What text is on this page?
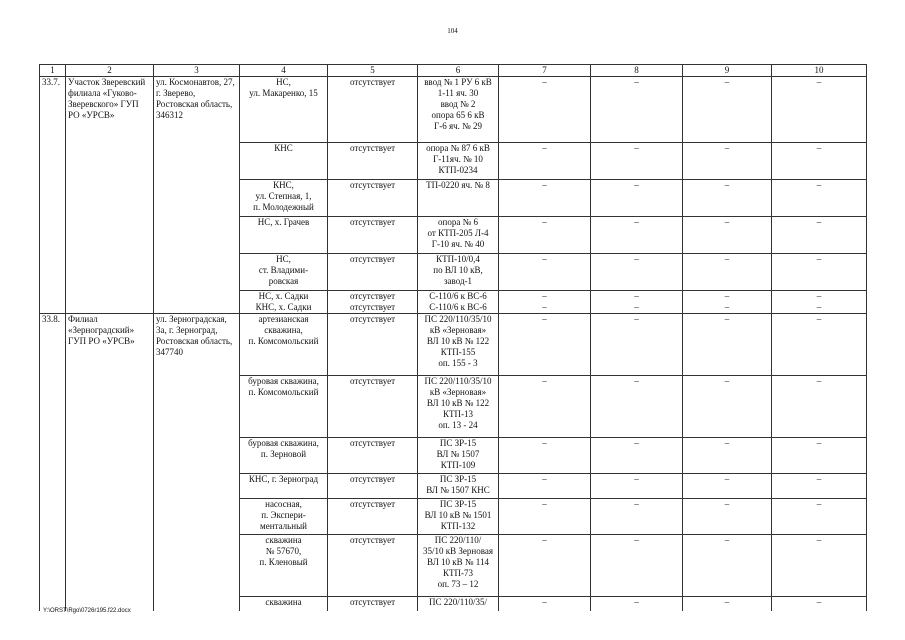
104
1	2	3	4	5	6	7	8	9	10
33.7.	Участок Зверевский филиала «Гуково-Зверевского» ГУП РО «УРСВ»	ул. Космонавтов, 27, г. Зверево, Ростовская область, 346312	НС,
ул. Макаренко, 15	отсутствует	ввод № 1 РУ 6 кВ
1-11 яч. 30
ввод № 2
опора 65 6 кВ
Г-6 яч. № 29	–	–	–	–
			КНС	отсутствует	опора № 87 6 кВ
Г-11яч. № 10
КТП-0234	–	–	–	–
			КНС,
ул. Степная, 1,
п. Молодежный	отсутствует	ТП-0220 яч. № 8	–	–	–	–
			НС, х. Грачев	отсутствует	опора № 6
от КТП-205 Л-4
Г-10 яч. № 40	–	–	–	–
			НС,
ст. Владими-
ровская	отсутствует	КТП-10/0,4
по ВЛ 10 кВ,
завод-1	–	–	–	–
			НС, х. Садки	отсутствует	С-110/6 к ВС-6	–	–	–	–
			КНС, х. Садки	отсутствует	С-110/6 к ВС-6	–	–	–	–
33.8.	Филиал «Зерноградский» ГУП РО «УРСВ»	ул. Зерноградская, 3а, г. Зерноград, Ростовская область, 347740	артезианская
скважина,
п. Комсомольский	отсутствует	ПС 220/110/35/10
кВ «Зерновая»
ВЛ 10 кВ № 122
КТП-155
оп. 155 - 3	–	–	–	–
			буровая скважина,
п. Комсомольский	отсутствует	ПС 220/110/35/10
кВ «Зерновая»
ВЛ 10 кВ № 122
КТП-13
оп. 13 - 24	–	–	–	–
			буровая скважина,
п. Зерновой	отсутствует	ПС ЗР-15
ВЛ № 1507
КТП-109	–	–	–	–
			КНС, г. Зерноград	отсутствует	ПС ЗР-15
ВЛ № 1507 КНС	–	–	–	–
			насосная,
п. Экспери-
ментальный	отсутствует	ПС ЗР-15
ВЛ 10 кВ № 1501
КТП-132	–	–	–	–
			скважина
№ 57670,
п. Кленовый	отсутствует	ПС 220/110/
35/10 кВ Зерновая
ВЛ 10 кВ № 114
КТП-73
оп. 73 – 12	–	–	–	–
			скважина	отсутствует	ПС 220/110/35/	–	–	–	–
Y:\ORST\Rgo\0726r195.f22.docx
